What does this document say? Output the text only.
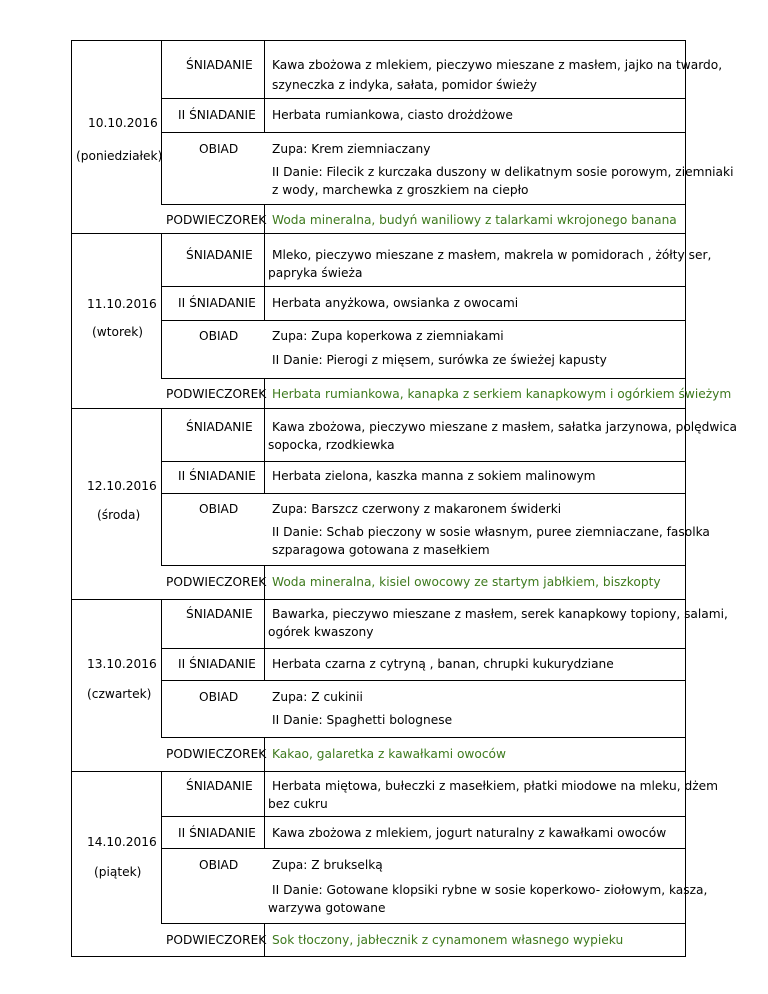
10.10.2016
(poniedziałek)
ŚNIADANIE Kawa zbożowa z mlekiem, pieczywo mieszane z masłem, jajko na twardo,
szyneczka z indyka, sałata, pomidor świeży
II ŚNIADANIE Herbata rumiankowa, ciasto drożdżowe
OBIAD	Zupa: Krem ziemniaczany
II Danie: Filecik z kurczaka duszony w delikatnym sosie porowym, ziemniaki
z wody, marchewka z groszkiem na ciepło
PODWIECZOREK Woda mineralna, budyń waniliowy z talarkami wkrojonego banana
11.10.2016
(wtorek)
ŚNIADANIE Mleko, pieczywo mieszane z masłem, makrela w pomidorach , żółty ser,
papryka świeża
II ŚNIADANIE Herbata anyżkowa, owsianka z owocami
OBIAD	Zupa: Zupa koperkowa z ziemniakami
II Danie: Pierogi z mięsem, surówka ze świeżej kapusty
PODWIECZOREK Herbata rumiankowa, kanapka z serkiem kanapkowym i ogórkiem świeżym
12.10.2016
(środa)
ŚNIADANIE Kawa zbożowa, pieczywo mieszane z masłem, sałatka jarzynowa, polędwica
sopocka, rzodkiewka
II ŚNIADANIE Herbata zielona, kaszka manna z sokiem malinowym
OBIAD	Zupa: Barszcz czerwony z makaronem świderki
II Danie: Schab pieczony w sosie własnym, puree ziemniaczane, fasolka
szparagowa gotowana z masełkiem
PODWIECZOREK Woda mineralna, kisiel owocowy ze startym jabłkiem, biszkopty
13.10.2016
(czwartek)
ŚNIADANIE Bawarka, pieczywo mieszane z masłem, serek kanapkowy topiony, salami,
ogórek kwaszony
II ŚNIADANIE Herbata czarna z cytryną , banan, chrupki kukurydziane
OBIAD	Zupa: Z cukinii
II Danie: Spaghetti bolognese
PODWIECZOREK Kakao, galaretka z kawałkami owoców
14.10.2016
(piątek)
ŚNIADANIE Herbata miętowa, bułeczki z masełkiem, płatki miodowe na mleku, dżem
bez cukru
II ŚNIADANIE Kawa zbożowa z mlekiem, jogurt naturalny z kawałkami owoców
OBIAD	Zupa: Z brukselką
II Danie: Gotowane klopsiki rybne w sosie koperkowo- ziołowym, kasza,
warzywa gotowane
PODWIECZOREK Sok tłoczony, jabłecznik z cynamonem własnego wypieku
